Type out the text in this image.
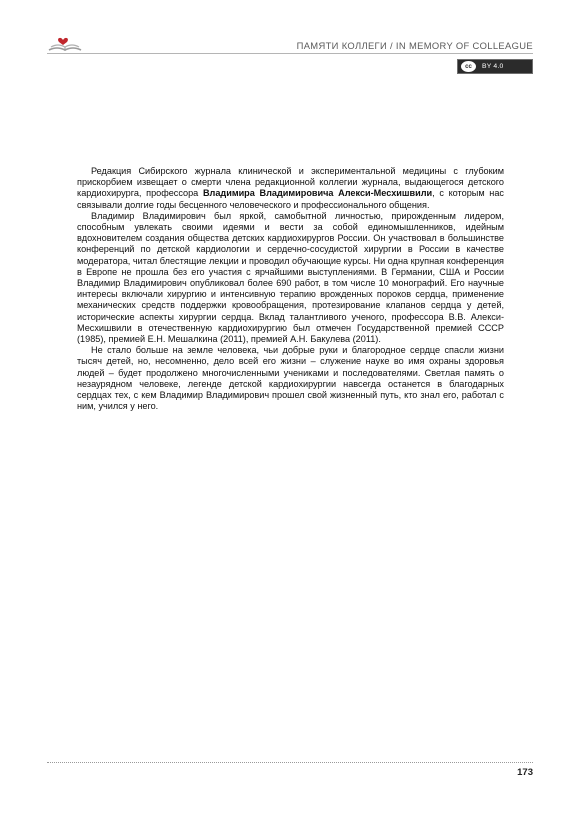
ПАМЯТИ КОЛЛЕГИ / IN MEMORY OF COLLEAGUE
cc	BY 4.0

Редакция Сибирского журнала клинической и экспериментальной медицины с глубоким прискорбием извещает о смерти члена редакционной коллегии журнала, выдающегося детского кардиохирурга, профессора Владимира Владимировича Алекси-Месхишвили, с которым нас связывали долгие годы бесценного человеческого и профессионального общения.

Владимир Владимирович был яркой, самобытной личностью, прирожденным лидером, способным увлекать своими идеями и вести за собой единомышленников, идейным вдохновителем создания общества детских кардиохирургов России. Он участвовал в большинстве конференций по детской кардиологии и сердечно-сосудистой хирургии в России в качестве модератора, читал блестящие лекции и проводил обучающие курсы. Ни одна крупная конференция в Европе не прошла без его участия с ярчайшими выступлениями. В Германии, США и России Владимир Владимирович опубликовал более 690 работ, в том числе 10 монографий. Его научные интересы включали хирургию и интенсивную терапию врожденных пороков сердца, применение механических средств поддержки кровообращения, протезирование клапанов сердца у детей, исторические аспекты хирургии сердца. Вклад талантливого ученого, профессора В.В. Алекси-Месхишвили в отечественную кардиохирургию был отмечен Государственной премией СССР (1985), премией Е.Н. Мешалкина (2011), премией А.Н. Бакулева (2011).

Не стало больше на земле человека, чьи добрые руки и благородное сердце спасли жизни тысяч детей, но, несомненно, дело всей его жизни – служение науке во имя охраны здоровья людей – будет продолжено многочисленными учениками и последователями. Светлая память о незаурядном человеке, легенде детской кардиохирургии навсегда останется в благодарных сердцах тех, с кем Владимир Владимирович прошел свой жизненный путь, кто знал его, работал с ним, учился у него.

173
